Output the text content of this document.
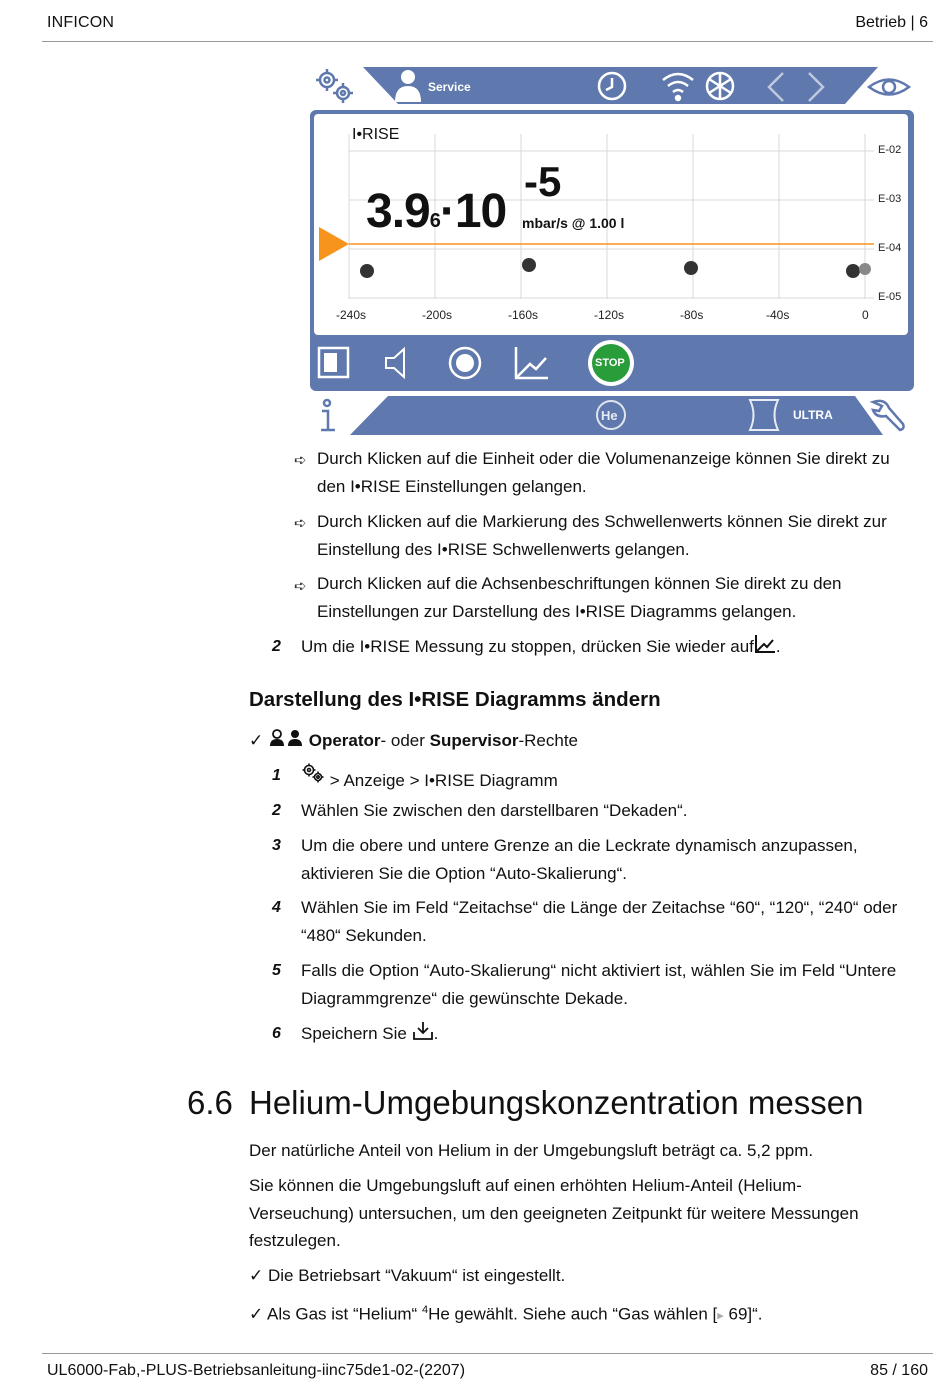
INFICON	Betrieb | 6
Service
I•RISE
3.96·10
-5
mbar/s @ 1.00 l
E-02
E-03
E-04
E-05
-240s	-200s	-160s	-120s	-80s	-40s	0
STOP
He	ULTRA
➪ Durch Klicken auf die Einheit oder die Volumenanzeige können Sie direkt zu
den I•RISE Einstellungen gelangen.
➪ Durch Klicken auf die Markierung des Schwellenwerts können Sie direkt zur
Einstellung des I•RISE Schwellenwerts gelangen.
➪ Durch Klicken auf die Achsenbeschriftungen können Sie direkt zu den
Einstellungen zur Darstellung des I•RISE Diagramms gelangen.
2 Um die I•RISE Messung zu stoppen, drücken Sie wieder auf .
Darstellung des I•RISE Diagramms ändern
✓	Operator- oder Supervisor-Rechte
1	> Anzeige > I•RISE Diagramm
2 Wählen Sie zwischen den darstellbaren “Dekaden“.
3 Um die obere und untere Grenze an die Leckrate dynamisch anzupassen,
aktivieren Sie die Option “Auto-Skalierung“.
4 Wählen Sie im Feld “Zeitachse“ die Länge der Zeitachse “60“, “120“, “240“ oder
“480“ Sekunden.
5 Falls die Option “Auto-Skalierung“ nicht aktiviert ist, wählen Sie im Feld “Untere
Diagrammgrenze“ die gewünschte Dekade.
6 Speichern Sie .
6.6 Helium-Umgebungskonzentration messen
Der natürliche Anteil von Helium in der Umgebungsluft beträgt ca. 5,2 ppm.
Sie können die Umgebungsluft auf einen erhöhten Helium-Anteil (Helium-
Verseuchung) untersuchen, um den geeigneten Zeitpunkt für weitere Messungen
festzulegen.
✓ Die Betriebsart “Vakuum“ ist eingestellt.
✓ Als Gas ist “Helium“ $^4$He gewählt. Siehe auch “Gas wählen [▸ 69]“.
UL6000-Fab,-PLUS-Betriebsanleitung-iinc75de1-02-(2207)	85 / 160
